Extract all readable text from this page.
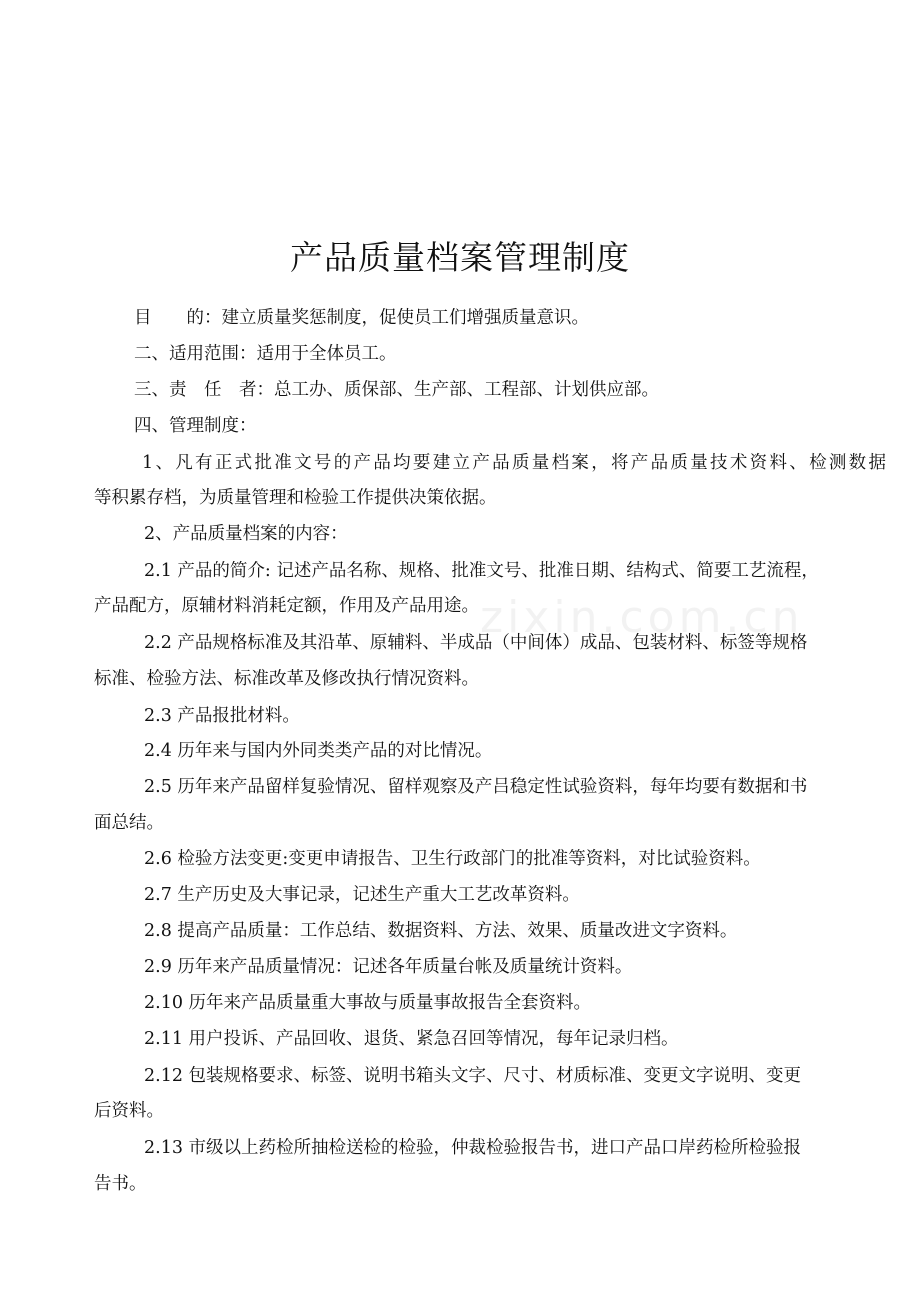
zixin.com.cn
产品质量档案管理制度
目　　的：建立质量奖惩制度，促使员工们增强质量意识。
二、适用范围：适用于全体员工。
三、责　任　者：总工办、质保部、生产部、工程部、计划供应部。
四、管理制度：
1、凡有正式批准文号的产品均要建立产品质量档案，将产品质量技术资料、检测数据
等积累存档，为质量管理和检验工作提供决策依据。
2、产品质量档案的内容：
2.1 产品的简介: 记述产品名称、规格、批准文号、批准日期、结构式、简要工艺流程，
产品配方，原辅材料消耗定额，作用及产品用途。
2.2 产品规格标准及其沿革、原辅料、半成品（中间体）成品、包装材料、标签等规格
标准、检验方法、标准改革及修改执行情况资料。
2.3 产品报批材料。
2.4 历年来与国内外同类类产品的对比情况。
2.5 历年来产品留样复验情况、留样观察及产吕稳定性试验资料，每年均要有数据和书
面总结。
2.6 检验方法变更:变更申请报告、卫生行政部门的批准等资料，对比试验资料。
2.7 生产历史及大事记录，记述生产重大工艺改革资料。
2.8 提高产品质量：工作总结、数据资料、方法、效果、质量改进文字资料。
2.9 历年来产品质量情况：记述各年质量台帐及质量统计资料。
2.10 历年来产品质量重大事故与质量事故报告全套资料。
2.11 用户投诉、产品回收、退货、紧急召回等情况，每年记录归档。
2.12 包装规格要求、标签、说明书箱头文字、尺寸、材质标准、变更文字说明、变更
后资料。
2.13 市级以上药检所抽检送检的检验，仲裁检验报告书，进口产品口岸药检所检验报
告书。
